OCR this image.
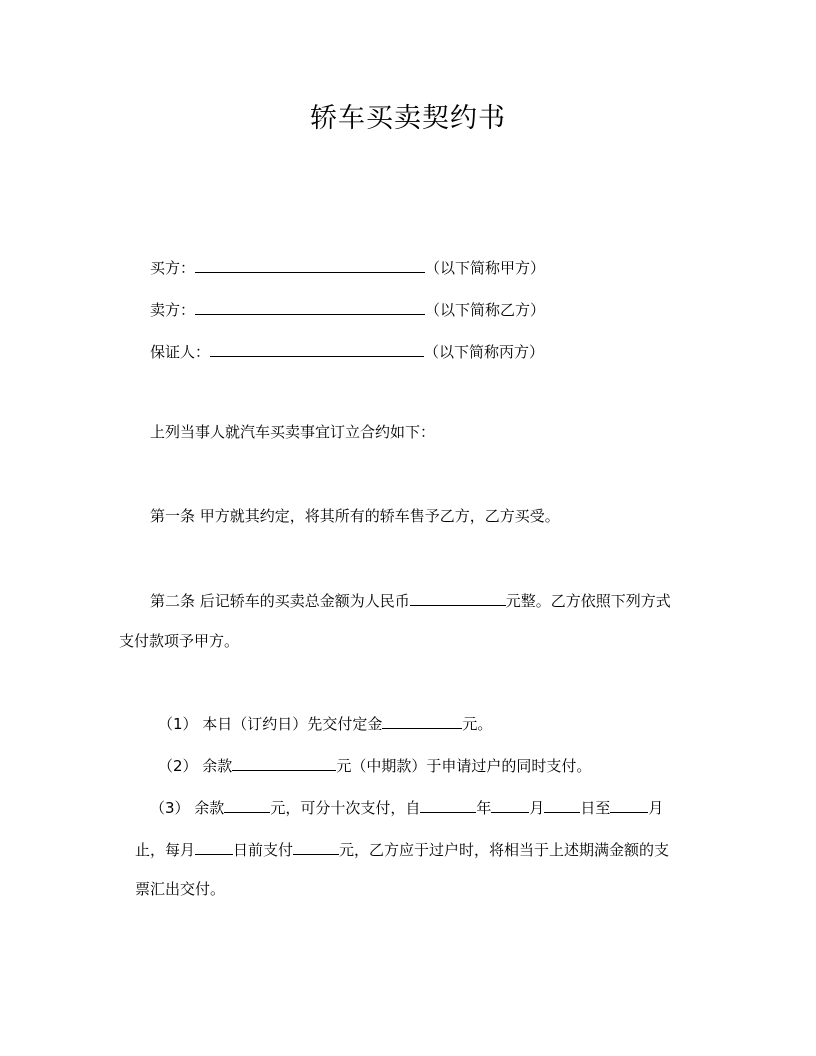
轿车买卖契约书
买方：	（以下简称甲方）
卖方：	（以下简称乙方）
保证人：	（以下简称丙方）
上列当事人就汽车买卖事宜订立合约如下：
第一条 甲方就其约定，将其所有的轿车售予乙方，乙方买受。
第二条 后记轿车的买卖总金额为人民币	元整。乙方依照下列方式
支付款项予甲方。
（1） 本日（订约日）先交付定金	元。
（2） 余款	元（中期款）于申请过户的同时支付。
（3） 余款	元，可分十次支付，自	年	月 日至	月
止，每月	日前支付	元，乙方应于过户时，将相当于上述期满金额的支
票汇出交付。
